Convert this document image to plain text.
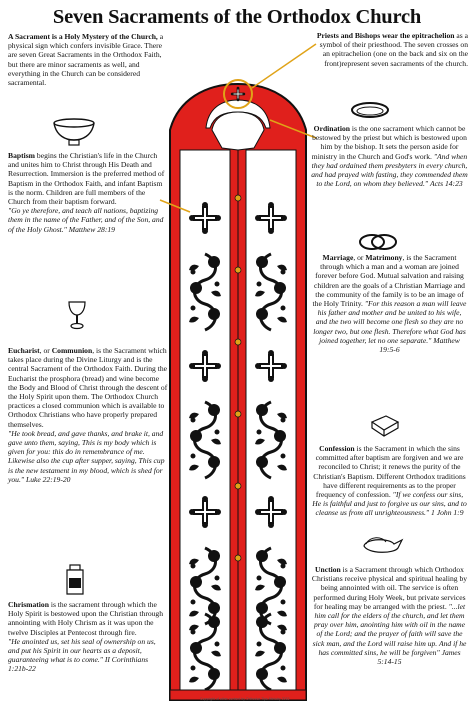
Seven Sacraments of the Orthodox Church

A Sacrament is a Holy Mystery of the Church, a physical sign which confers invisible Grace. There are seven Great Sacraments in the Orthodox Faith, but there are minor sacraments as well, and everything in the Church can be considered sacramental.

Baptism begins the Christian's life in the Church and unites him to Christ through His Death and Resurrection. Immersion is the preferred method of Baptism in the Orthodox Faith, and infant Baptism is the norm. Children are full members of the Church from their baptism forward.

"Go ye therefore, and teach all nations, baptizing them in the name of the Father, and of the Son, and of the Holy Ghost." Matthew 28:19

Eucharist, or Communion, is the Sacrament which takes place during the Divine Liturgy and is the central Sacrament of the Orthodox Faith. During the Eucharist the prosphora (bread) and wine become the Body and Blood of Christ through the descent of the Holy Spirit upon them. The Orthodox Church practices a closed communion which is available to Orthodox Christians who have properly prepared themselves.

"He took bread, and gave thanks, and brake it, and gave unto them, saying, This is my body which is given for you: this do in remembrance of me. Likewise also the cup after supper, saying, This cup is the new testament in my blood, which is shed for you." Luke 22:19-20

Chrismation is the sacrament through which the Holy Spirit is bestowed upon the Christian through annointing with Holy Chrism as it was upon the twelve Disciples at Pentecost through fire.

"He anointed us, set his seal of ownership on us, and put his Spirit in our hearts as a deposit, guaranteeing what is to come." II Corinthians 1:21b-22

Priests and Bishops wear the epitrachelion as a symbol of their priesthood. The seven crosses on an epitrachelion (one on the back and six on the front)represent seven sacraments of the church.

Ordination is the one sacrament which cannot be bestowed by the priest but which is bestowed upon him by the bishop. It sets the person aside for ministry in the Church and God's work. "And when they had ordained them presbyters in every church, and had prayed with fasting, they commended them to the Lord, on whom they believed." Acts 14:23

Marriage, or Matrimony, is the Sacrament through which a man and a woman are joined forever before God. Mutual salvation and raising children are the goals of a Christian Marriage and the community of the family is to be an image of the Holy Trinity. "For this reason a man will leave his father and mother and be united to his wife, and the two will become one flesh so they are no longer two, but one flesh. Therefore what God has joined together, let no one separate." Matthew 19:5-6

Confession is the Sacrament in which the sins committed after baptism are forgiven and we are reconciled to Christ; it renews the purity of the Christian's Baptism. Different Orthodox traditions have different requirements as to the proper frequency of confession. "If we confess our sins, He is faithful and just to forgive us our sins, and to cleanse us from all unrighteousness." 1 John 1:9

Unction is a Sacrament through which Orthodox Christians receive physical and spiritual healing by being annointed with oil. The service is often performed during Holy Week, but private services for healing may be arranged with the priest. "...let him call for the elders of the church, and let them pray over him, anointing him with oil in the name of the Lord; and the prayer of faith will save the sick man, and the Lord will raise him up. And if he has committed sins, he will be forgiven" James 5:14-15

Copyright of other content by Orthodox Tips Ministry 2015
